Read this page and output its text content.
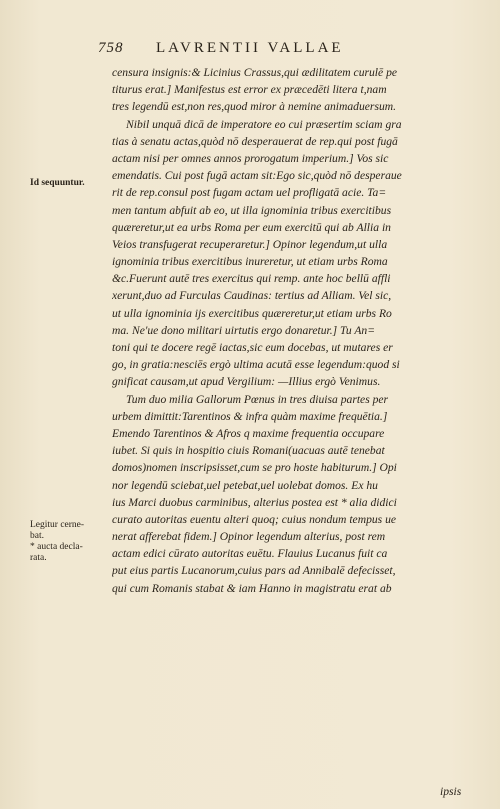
758 LAVRENTII VALLAE
Id sequuntur.
Legitur cerne-
bat.
* aucta decla-
rata.
censura insignis:& Licinius Crassus,qui ædilitatem curulē pe
titurus erat.] Manifestus est error ex præcedēti litera t,nam
tres legendū est,non res,quod miror à nemine animaduersum.
Nibil unquā dicā de imperatore eo cui præsertim sciam gra
tias à senatu actas,quòd nō desperauerat de rep.qui post fugā
actam nisi per omnes annos prorogatum imperium.] Vos sic
emendatis. Cui post fugā actam sit:Ego sic,quòd nō desperaue
rit de rep.consul post fugam actam uel profligatā acie. Ta=
men tantum abfuit ab eo, ut illa ignominia tribus exercitibus
quæreretur,ut ea urbs Roma per eum exercitū qui ab Allia in
Veios transfugerat recuperaretur.] Opinor legendum,ut ulla
ignominia tribus exercitibus inureretur, ut etiam urbs Roma
&c.Fuerunt autē tres exercitus qui remp. ante hoc bellū affli
xerunt,duo ad Furculas Caudinas: tertius ad Alliam. Vel sic,
ut ulla ignominia ijs exercitibus quæreretur,ut etiam urbs Ro
ma. Ne'ue dono militari uirtutis ergo donaretur.] Tu An=
toni qui te docere regē iactas,sic eum docebas, ut mutares er
go, in gratia:nesciēs ergò ultima acutā esse legendum:quod si
gnificat causam,ut apud Vergilium: —Illius ergò Venimus.
Tum duo milia Gallorum Pœnus in tres diuisa partes per
urbem dimittit:Tarentinos & infra quàm maxime frequētia.]
Emendo Tarentinos & Afros q maxime frequentia occupare
iubet. Si quis in hospitio ciuis Romani(uacuas autē tenebat
domos)nomen inscripsisset,cum se pro hoste habiturum.] Opi
nor legendū sciebat,uel petebat,uel uolebat domos. Ex hu
ius Marci duobus carminibus, alterius postea est * alia didici
curato autoritas euentu alteri quoq; cuius nondum tempus ue
nerat afferebat fidem.] Opinor legendum alterius, post rem
actam edici cūrato autoritas euētu. Flauius Lucanus fuit ca
put eius partis Lucanorum,cuius pars ad Annibalē defecisset,
qui cum Romanis stabat & iam Hanno in magistratu erat ab
ipsis
